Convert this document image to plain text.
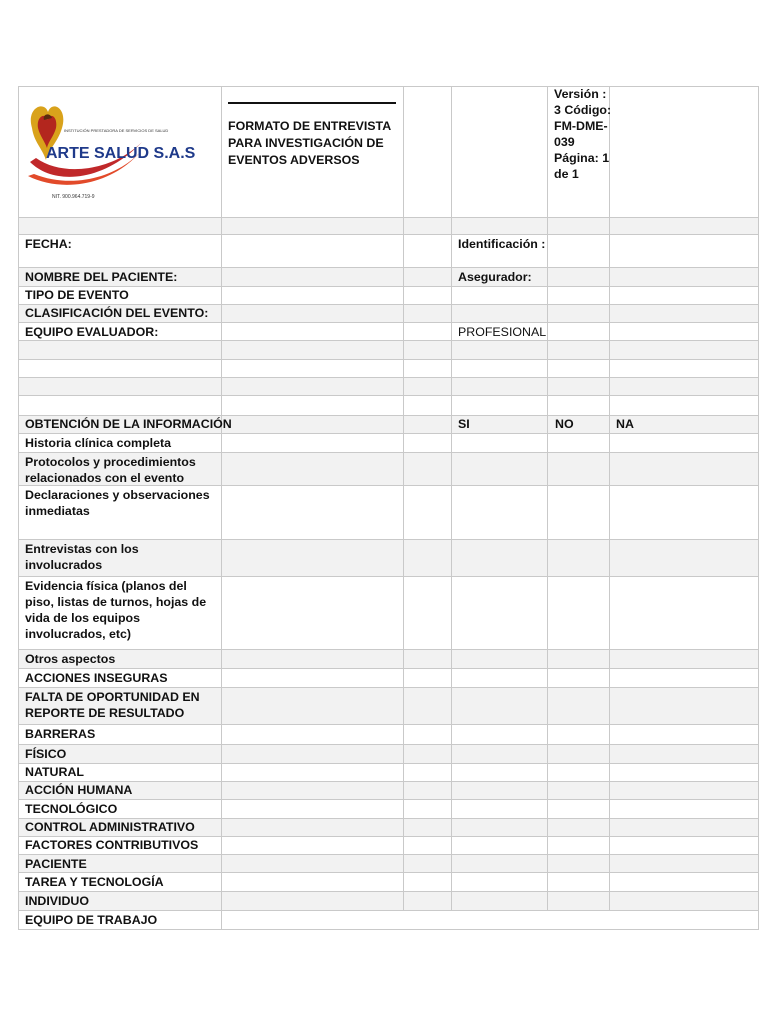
INSTITUCIÓN PRESTADORA DE SERVICIOS DE SALUD
ARTE SALUD S.A.S
NIT. 900.964.719-9
FORMATO DE ENTREVISTA PARA INVESTIGACIÓN DE EVENTOS ADVERSOS
Versión : 3 Código: FM-DME-039 Página: 1 de 1
FECHA:	Identificación :
NOMBRE DEL PACIENTE:	Asegurador:
TIPO DE EVENTO
CLASIFICACIÓN DEL EVENTO:
EQUIPO EVALUADOR:	PROFESIONAL
OBTENCIÓN DE LA INFORMACIÓN	SI	NO	NA
Historia clínica completa
Protocolos y procedimientos relacionados con el evento
Declaraciones y observaciones inmediatas
Entrevistas con los involucrados
Evidencia física (planos del piso, listas de turnos, hojas de vida de los equipos involucrados, etc)
Otros aspectos
ACCIONES INSEGURAS
FALTA DE OPORTUNIDAD EN REPORTE DE RESULTADO
BARRERAS
FÍSICO
NATURAL
ACCIÓN HUMANA
TECNOLÓGICO
CONTROL ADMINISTRATIVO
FACTORES CONTRIBUTIVOS
PACIENTE
TAREA Y TECNOLOGÍA
INDIVIDUO
EQUIPO DE TRABAJO
